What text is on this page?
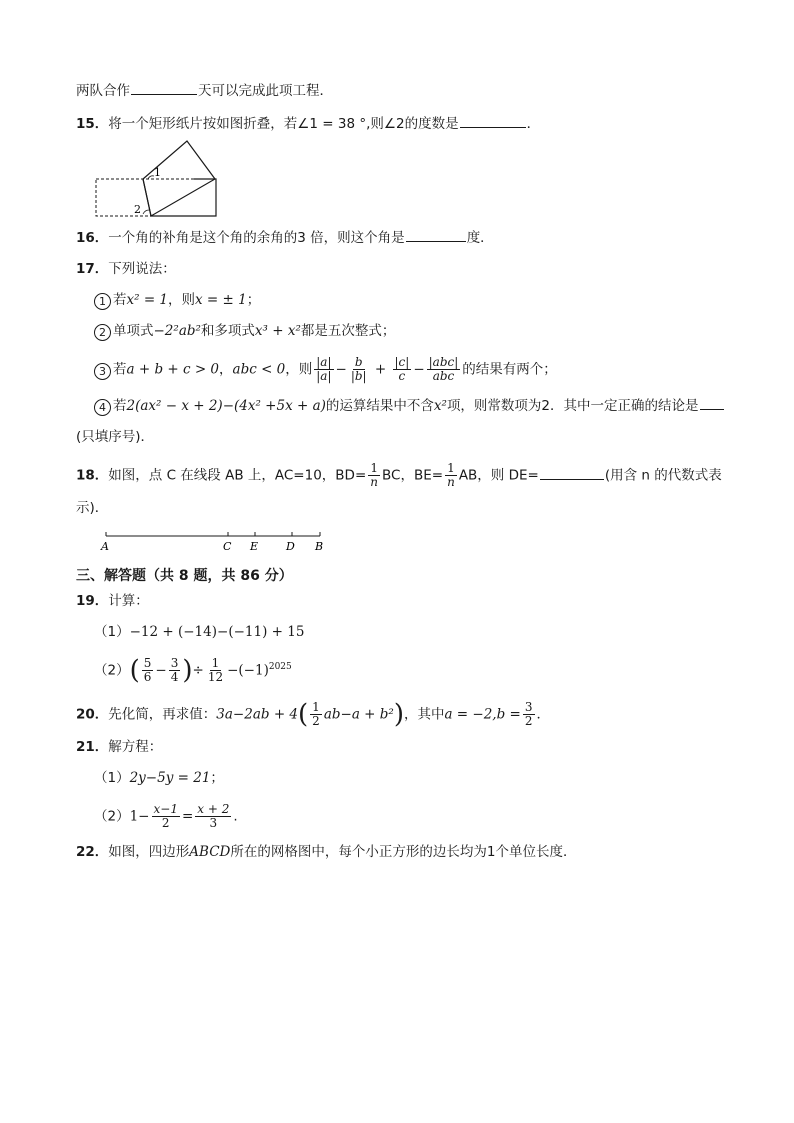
两队合作	天可以完成此项工程．
15．将一个矩形纸片按如图折叠，若∠1 = 38 °,则∠2的度数是	．
1
2
16．一个角的补角是这个角的余角的3 倍，则这个角是	度．
17．下列说法：
1 若x² = 1，则x = ± 1；
2 单项式−2²ab²和多项式x³ + x²都是五次整式；
3 若a + b + c > 0，abc < 0，则 $\frac{|a|}{|a|} - \frac{b}{|b|} + \frac{|c|}{c} - \frac{\text{|abc|}}{\text{abc}}$ 的结果有两个；
4 若2(ax² − x + 2)−(4x² +5x + a)的运算结果中不含x²项，则常数项为2．其中一定正确的结论是
(只填序号)．
18．如图，点 C 在线段 AB 上，AC=10，$BD= \frac{1}{n}$ BC，$BE= \frac{1}{n}$ AB，则 DE=	(用含 n 的代数式表
示)．
A	C E	D B
三、解答题（共 8 题，共 86 分）
19．计算：
（1）−12 + (−14)−(−11) + 15
$(2)( \frac{5}{6} - \frac{3}{4}$ )÷ $\frac{1}{12} -(-1)^{2025}$
20．先化简，再求值：$3a-2ab + 4( \frac{1}{2} ab-a + b^2)$，其中$a = -2,b = \frac{3}{2}$ ．
21．解方程：
（1）2y−5y = 21；
$(2)1- \frac{x-1}{2} = \frac{x + 2}{3}$ .
22．如图，四边形ABCD所在的网格图中，每个小正方形的边长均为1个单位长度．
